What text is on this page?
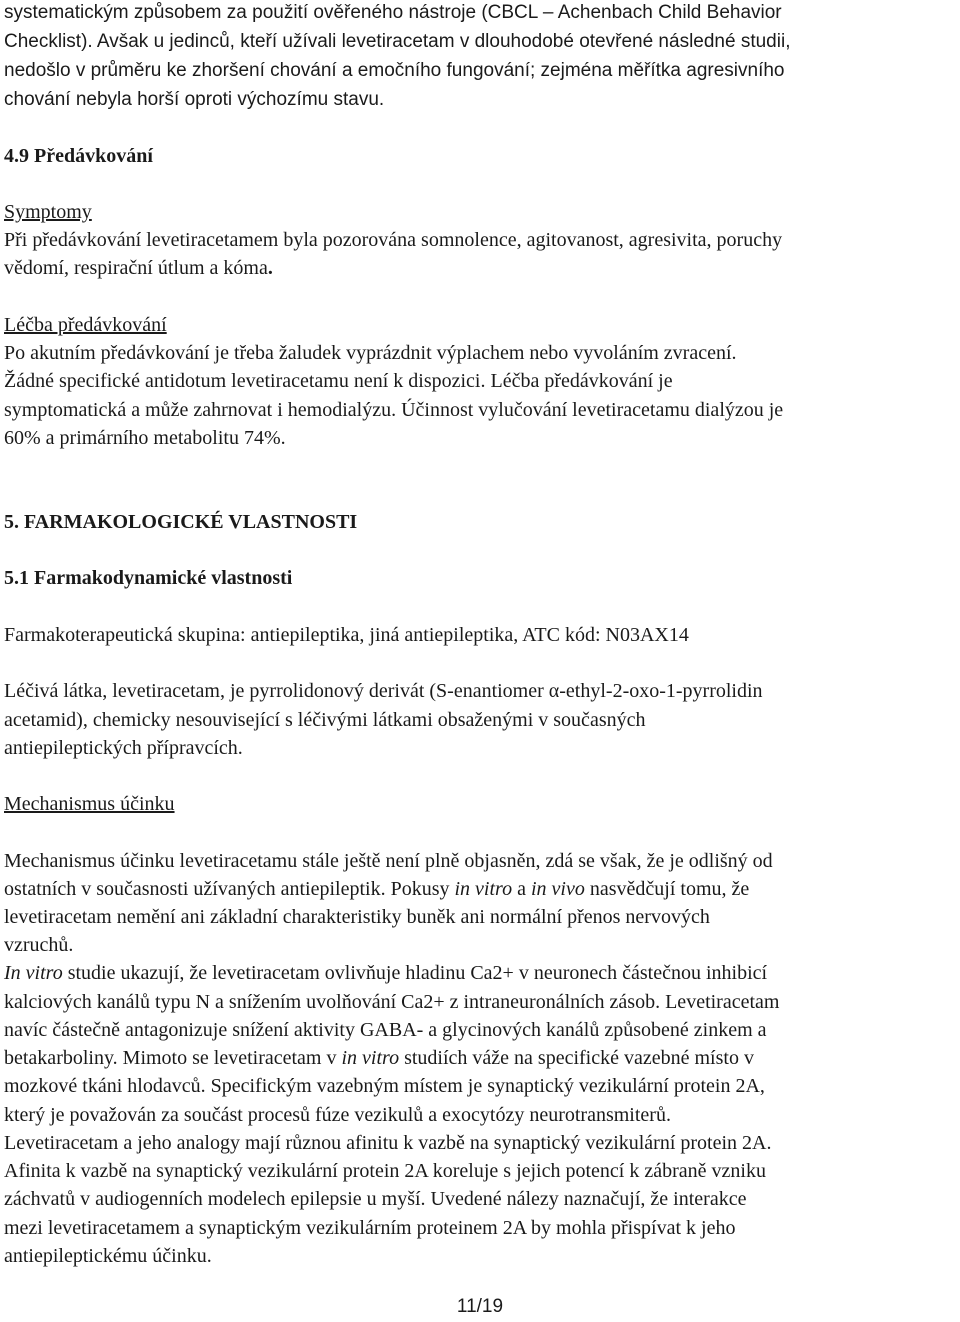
systematickým způsobem za použití ověřeného nástroje (CBCL – Achenbach Child Behavior
Checklist). Avšak u jedinců, kteří užívali levetiracetam v dlouhodobé otevřené následné studii,
nedošlo v průměru ke zhoršení chování a emočního fungování; zejména měřítka agresivního
chování nebyla horší oproti výchozímu stavu.
4.9 Předávkování
Symptomy
Při předávkování levetiracetamem byla pozorována somnolence, agitovanost, agresivita, poruchy
vědomí, respirační útlum a kóma.
Léčba předávkování
Po akutním předávkování je třeba žaludek vyprázdnit výplachem nebo vyvoláním zvracení.
Žádné specifické antidotum levetiracetamu není k dispozici. Léčba předávkování je
symptomatická a může zahrnovat i hemodialýzu. Účinnost vylučování levetiracetamu dialýzou je
60% a primárního metabolitu 74%.
5. FARMAKOLOGICKÉ VLASTNOSTI
5.1 Farmakodynamické vlastnosti
Farmakoterapeutická skupina: antiepileptika, jiná antiepileptika, ATC kód: N03AX14
Léčivá látka, levetiracetam, je pyrrolidonový derivát (S-enantiomer α-ethyl-2-oxo-1-pyrrolidin
acetamid), chemicky nesouvisející s léčivými látkami obsaženými v současných
antiepileptických přípravcích.
Mechanismus účinku
Mechanismus účinku levetiracetamu stále ještě není plně objasněn, zdá se však, že je odlišný od
ostatních v současnosti užívaných antiepileptik. Pokusy in vitro a in vivo nasvědčují tomu, že
levetiracetam nemění ani základní charakteristiky buněk ani normální přenos nervových
vzruchů.
In vitro studie ukazují, že levetiracetam ovlivňuje hladinu Ca2+ v neuronech částečnou inhibicí
kalciových kanálů typu N a snížením uvolňování Ca2+ z intraneuronálních zásob. Levetiracetam
navíc částečně antagonizuje snížení aktivity GABA- a glycinových kanálů způsobené zinkem a
betakarboliny. Mimoto se levetiracetam v in vitro studiích váže na specifické vazebné místo v
mozkové tkáni hlodavců. Specifickým vazebným místem je synaptický vezikulární protein 2A,
který je považován za součást procesů fúze vezikulů a exocytózy neurotransmiterů.
Levetiracetam a jeho analogy mají různou afinitu k vazbě na synaptický vezikulární protein 2A.
Afinita k vazbě na synaptický vezikulární protein 2A koreluje s jejich potencí k zábraně vzniku
záchvatů v audiogenních modelech epilepsie u myší. Uvedené nálezy naznačují, že interakce
mezi levetiracetamem a synaptickým vezikulárním proteinem 2A by mohla přispívat k jeho
antiepileptickému účinku.
11/19
